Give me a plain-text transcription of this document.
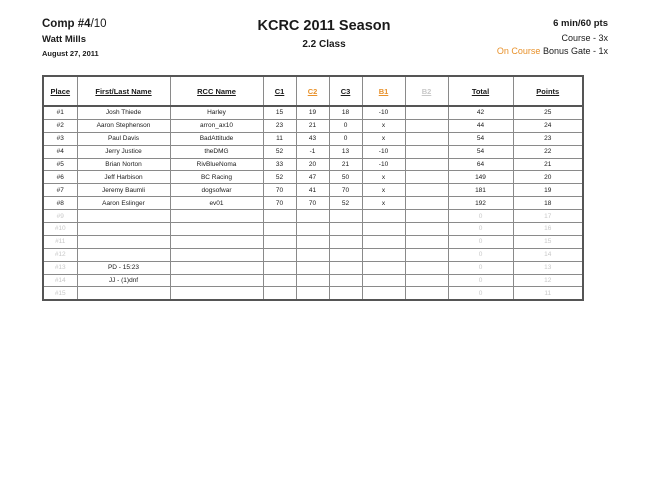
Comp #4/10
Watt Mills
August 27, 2011
KCRC 2011 Season
2.2 Class
6 min/60 pts
Course - 3x
On Course Bonus Gate - 1x
Place	First/Last Name	RCC Name	C1	C2	C3	B1	B2	Total	Points
#1	Josh Thiede	Harley	15	19	18	-10		42	25
#2	Aaron Stephenson	arron_ax10	23	21	0	x		44	24
#3	Paul Davis	BadAttitude	11	43	0	x		54	23
#4	Jerry Justice	theDMG	52	-1	13	-10		54	22
#5	Brian Norton	RivBlueNoma	33	20	21	-10		64	21
#6	Jeff Harbison	BC Racing	52	47	50	x		149	20
#7	Jeremy Baumli	dogsofwar	70	41	70	x		181	19
#8	Aaron Eslinger	ev01	70	70	52	x		192	18
#9								0	17
#10								0	16
#11								0	15
#12								0	14
#13	PD - 15:23							0	13
#14	JJ - (1)dnf							0	12
#15								0	11
